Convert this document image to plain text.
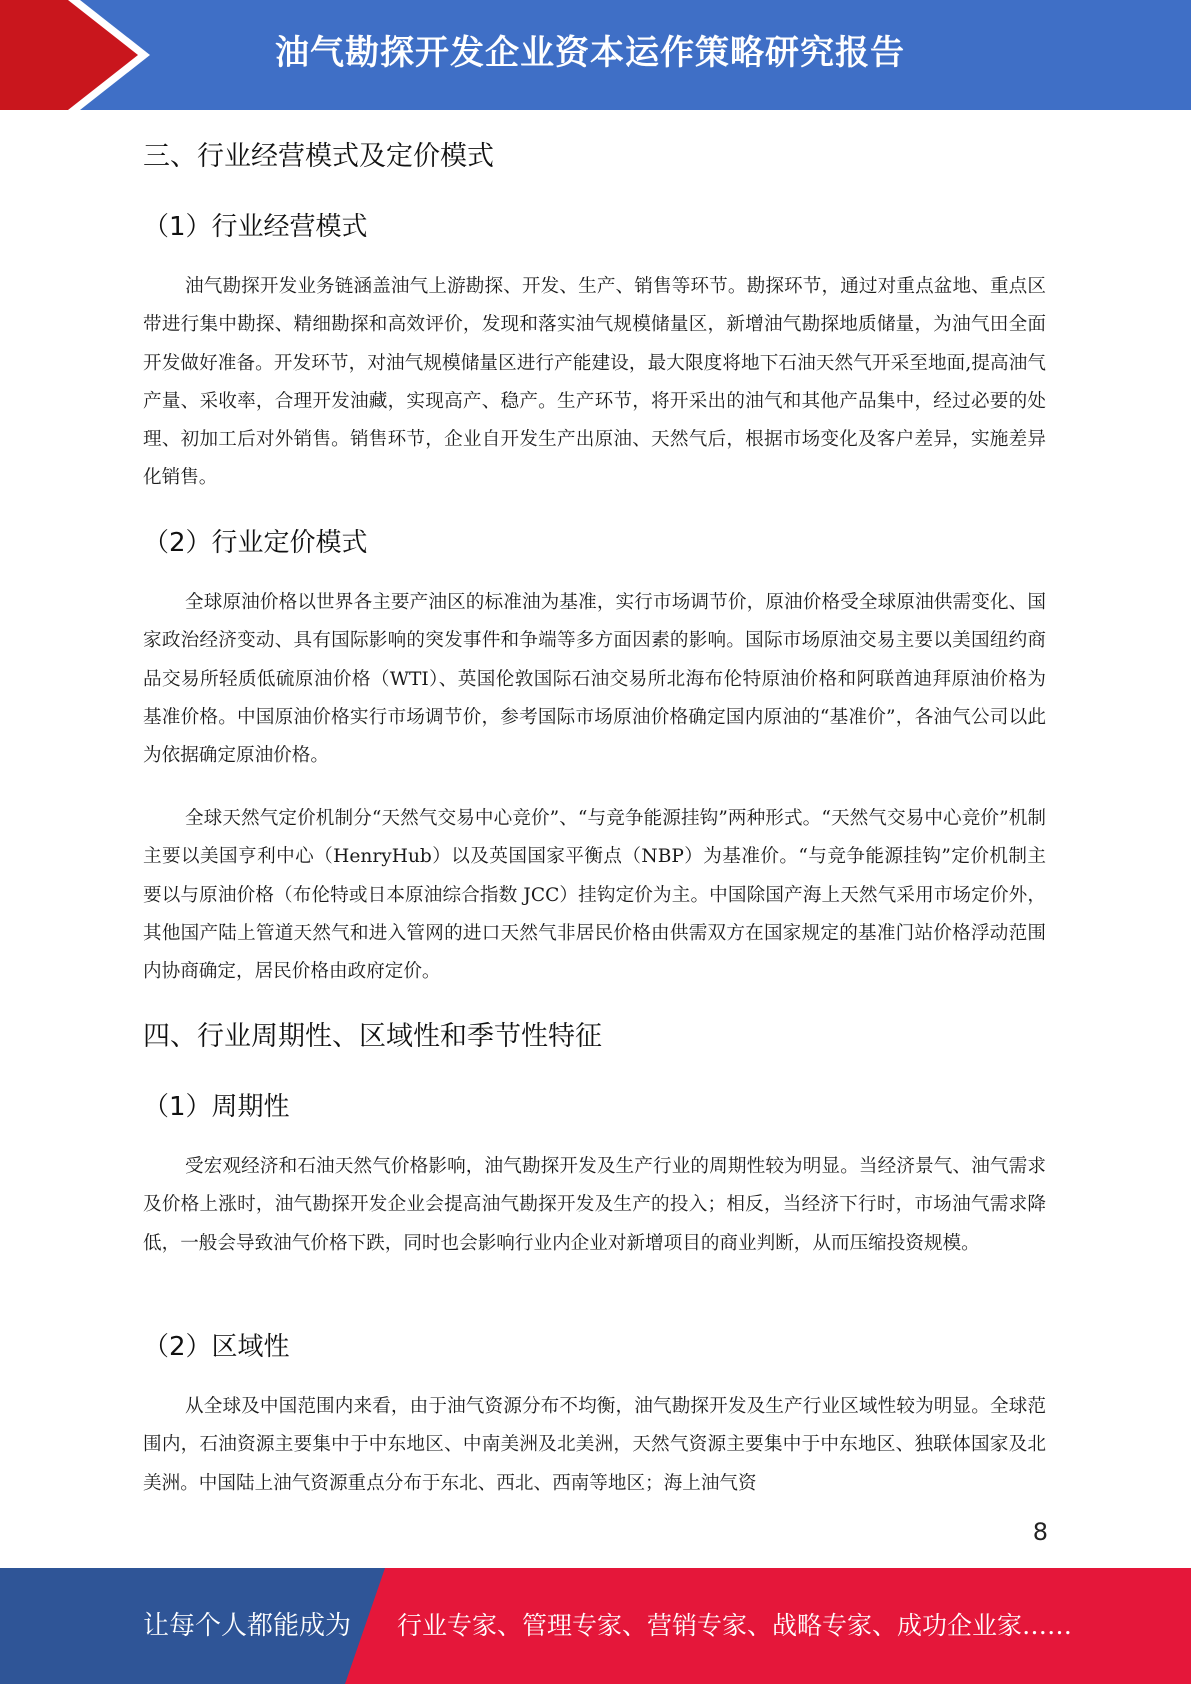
油气勘探开发企业资本运作策略研究报告
三、行业经营模式及定价模式
（1）行业经营模式

油气勘探开发业务链涵盖油气上游勘探、开发、生产、销售等环节。勘探环节，通过对重点盆地、重点区带进行集中勘探、精细勘探和高效评价，发现和落实油气规模储量区，新增油气勘探地质储量，为油气田全面开发做好准备。开发环节，对油气规模储量区进行产能建设，最大限度将地下石油天然气开采至地面,提高油气产量、采收率，合理开发油藏，实现高产、稳产。生产环节，将开采出的油气和其他产品集中，经过必要的处理、初加工后对外销售。销售环节，企业自开发生产出原油、天然气后，根据市场变化及客户差异，实施差异化销售。

（2）行业定价模式

全球原油价格以世界各主要产油区的标准油为基准，实行市场调节价，原油价格受全球原油供需变化、国家政治经济变动、具有国际影响的突发事件和争端等多方面因素的影响。国际市场原油交易主要以美国纽约商品交易所轻质低硫原油价格（WTI）、英国伦敦国际石油交易所北海布伦特原油价格和阿联酋迪拜原油价格为基准价格。中国原油价格实行市场调节价，参考国际市场原油价格确定国内原油的“基准价”，各油气公司以此为依据确定原油价格。

全球天然气定价机制分“天然气交易中心竞价”、“与竞争能源挂钩”两种形式。“天然气交易中心竞价”机制主要以美国亨利中心（HenryHub）以及英国国家平衡点（NBP）为基准价。“与竞争能源挂钩”定价机制主要以与原油价格（布伦特或日本原油综合指数 JCC）挂钩定价为主。中国除国产海上天然气采用市场定价外，其他国产陆上管道天然气和进入管网的进口天然气非居民价格由供需双方在国家规定的基准门站价格浮动范围内协商确定，居民价格由政府定价。

四、行业周期性、区域性和季节性特征
（1）周期性

受宏观经济和石油天然气价格影响，油气勘探开发及生产行业的周期性较为明显。当经济景气、油气需求及价格上涨时，油气勘探开发企业会提高油气勘探开发及生产的投入；相反，当经济下行时，市场油气需求降低，一般会导致油气价格下跌，同时也会影响行业内企业对新增项目的商业判断，从而压缩投资规模。

（2）区域性

从全球及中国范围内来看，由于油气资源分布不均衡，油气勘探开发及生产行业区域性较为明显。全球范围内，石油资源主要集中于中东地区、中南美洲及北美洲，天然气资源主要集中于中东地区、独联体国家及北美洲。中国陆上油气资源重点分布于东北、西北、西南等地区；海上油气资

8
让每个人都能成为 行业专家、管理专家、营销专家、战略专家、成功企业家……
